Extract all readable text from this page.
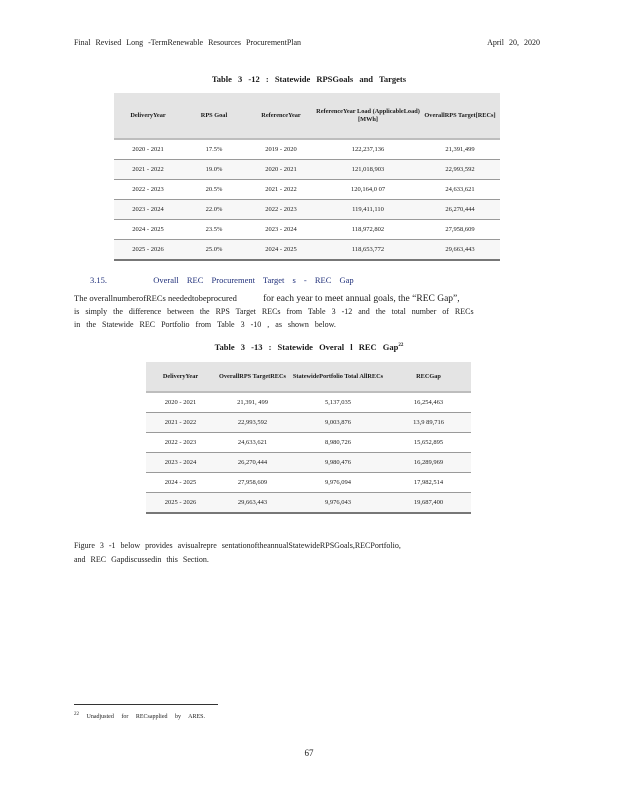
Final Revised Long -TermRenewable Resources ProcurementPlan	April 20, 2020
Table 3 -12 : Statewide RPSGoals and Targets
DeliveryYear	RPS Goal	ReferenceYear	ReferenceYear Load (ApplicableLoad) [MWh]	OverallRPS Target[RECs]
2020 - 2021	17.5%	2019 - 2020	122,237,136	21,391,499
2021 - 2022	19.0%	2020 - 2021	121,018,903	22,993,592
2022 - 2023	20.5%	2021 - 2022	120,164,0 07	24,633,621
2023 - 2024	22.0%	2022 - 2023	119,411,110	26,270,444
2024 - 2025	23.5%	2023 - 2024	118,972,802	27,958,609
2025 - 2026	25.0%	2024 - 2025	118,653,772	29,663,443
3.15.	Overall REC Procurement Target s - REC Gap
The overallnumberofRECs neededtobeprocured	for each year to meet annual goals, the “REC Gap”,
is simply the difference between the RPS Target RECs from Table 3 -12 and the total number of RECs
in the Statewide REC Portfolio from Table 3 -10 , as shown below.
Table 3 -13 : Statewide Overal l REC Gap$^{22}$
DeliveryYear	OverallRPS TargetRECs	StatewidePortfolio Total AllRECs	RECGap
2020 - 2021	21,391, 499	5,137,035	16,254,463
2021 - 2022	22,993,592	9,003,876	13,9 89,716
2022 - 2023	24,633,621	8,980,726	15,652,895
2023 - 2024	26,270,444	9,980,476	16,289,969
2024 - 2025	27,958,609	9,976,094	17,982,514
2025 - 2026	29,663,443	9,976,043	19,687,400
Figure 3 -1 below provides avisualrepre sentationoftheannualStatewideRPSGoals,RECPortfolio,
and REC Gapdiscussedin this Section.
$^{22}$ Unadjusted for RECsapplied by ARES.
67
